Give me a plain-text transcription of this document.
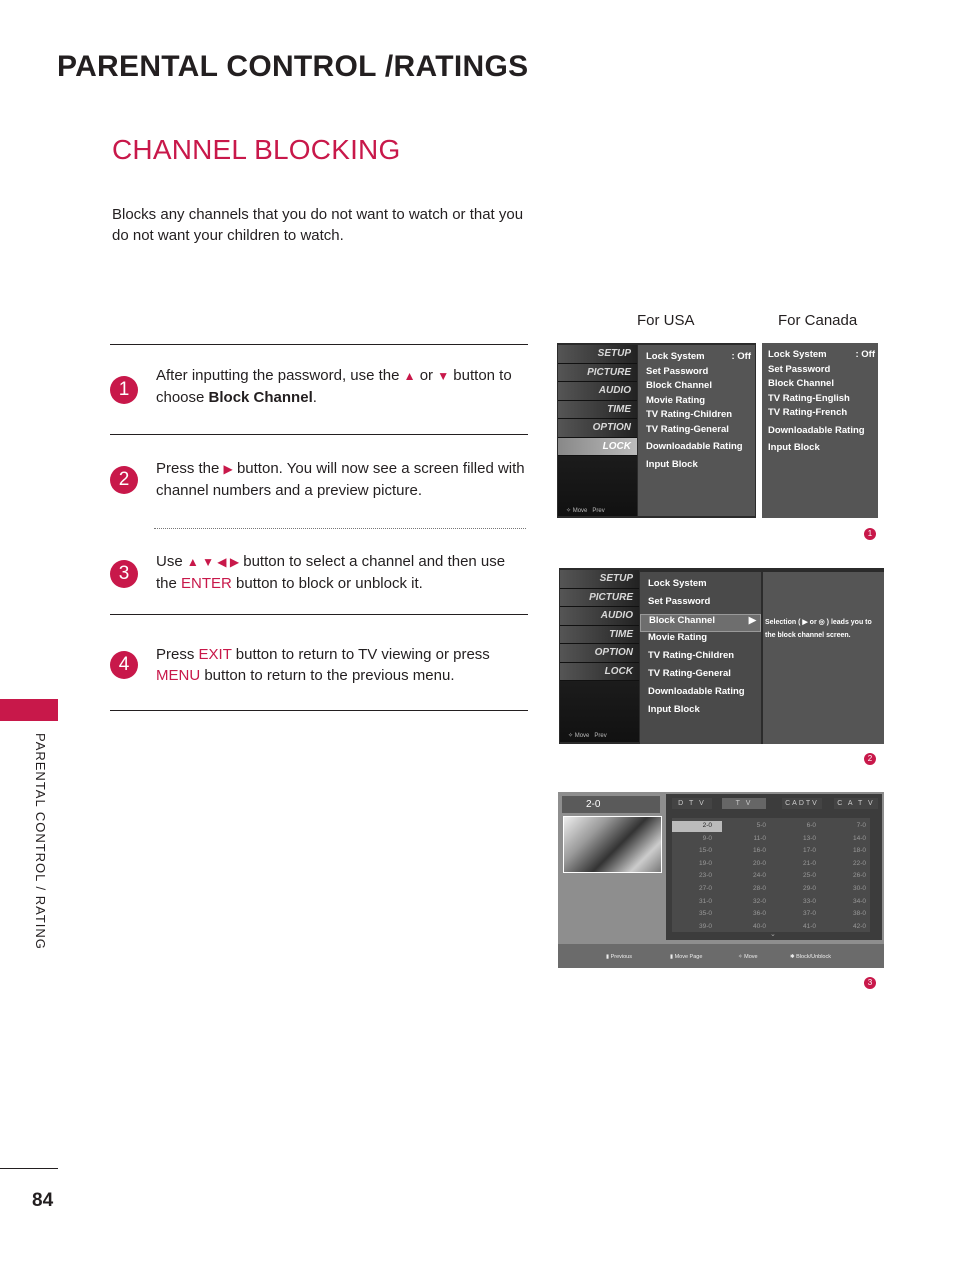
PARENTAL CONTROL /RATINGS
CHANNEL BLOCKING
Blocks any channels that you do not want to watch or that you do not want your children to watch.
1
After inputting the password, use the ▲ or ▼ button to choose Block Channel.
2
Press the ▶ button. You will now see a screen filled with channel numbers and a preview picture.
3
Use ▲ ▼ ◀ ▶ button to select a channel and then use the ENTER button to block or unblock it.
4	Press EXIT button to return to TV viewing or press MENU button to return to the previous menu.
PARENTAL CONTROL / RATING
84
For USA	For Canada
SETUP
PICTURE
AUDIO
TIME
OPTION
LOCK
✧ Move Prev
Lock System	: Off
Set Password
Block Channel
Movie Rating
TV Rating-Children
TV Rating-General
Downloadable Rating
Input Block
Lock System	: Off
Set Password
Block Channel
TV Rating-English
TV Rating-French
Downloadable Rating
Input Block
1
SETUP
PICTURE
AUDIO
TIME
OPTION
LOCK
✧ Move Prev
Lock System
Set Password
Block Channel	▶
Movie Rating
TV Rating-Children
TV Rating-General
Downloadable Rating
Input Block
Selection ( ▶ or ◎ ) leads you to the block channel screen.
2
2-0	D T V	T V	CADTV	C A T V
2-0	5-0	6-0	7-0
9-0	11-0	13-0	14-0
15-0	16-0	17-0	18-0
19-0	20-0	21-0	22-0
23-0	24-0	25-0	26-0
27-0	28-0	29-0	30-0
31-0	32-0	33-0	34-0
35-0	36-0	37-0	38-0
39-0	40-0	41-0	42-0
⌄
▮ Previous	▮ Move Page	✧ Move	✱ Block/Unblock
3
